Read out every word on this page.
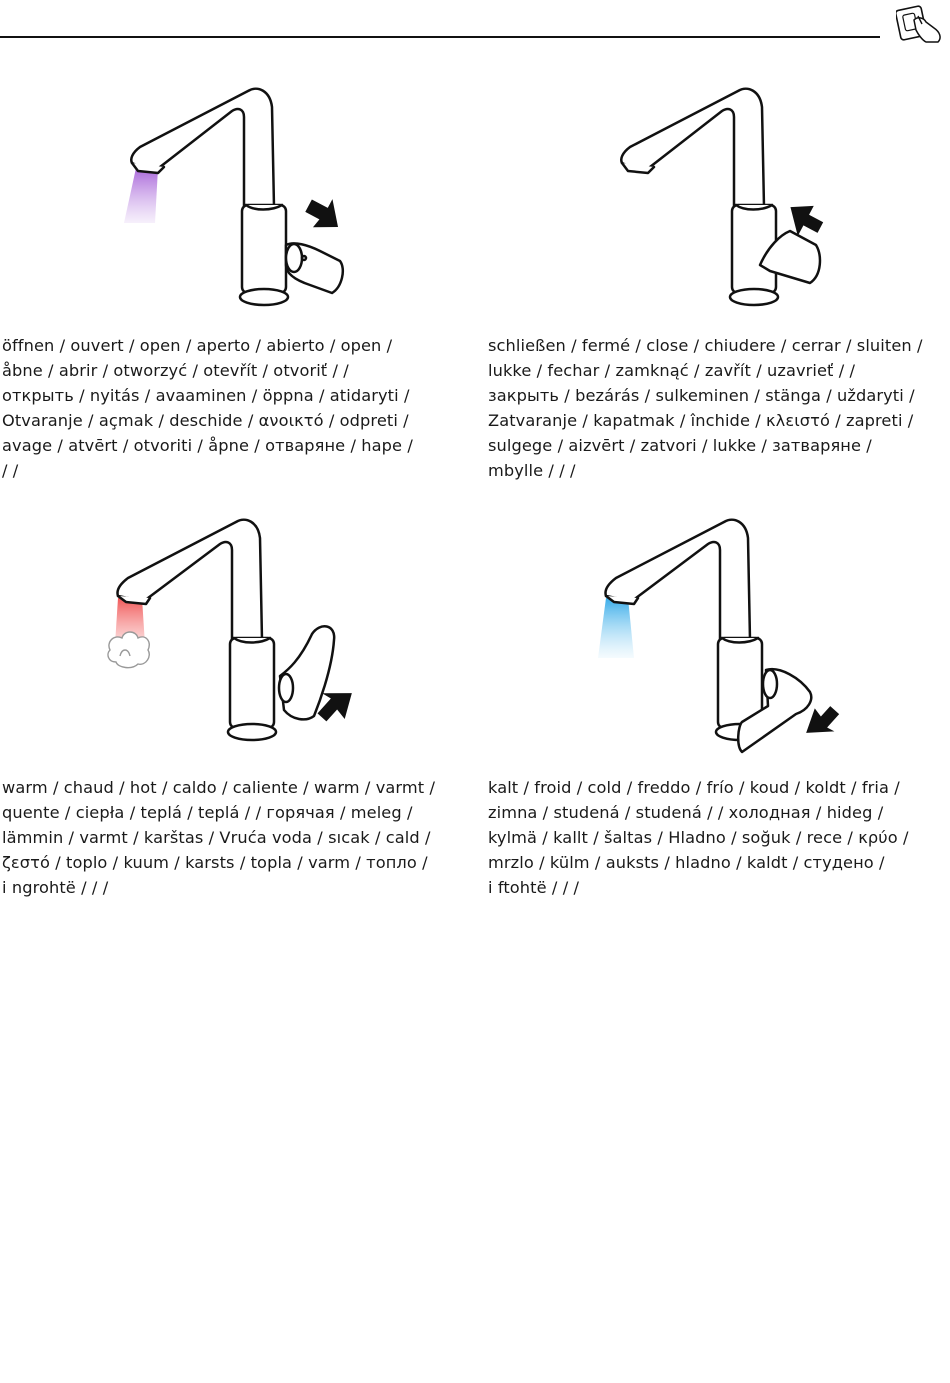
öffnen / ouvert / open / aperto / abierto / open /
åbne / abrir / otworzyć / otevřít / otvoriť / /
открыть / nyitás / avaaminen / öppna / atidaryti /
Otvaranje / açmak / deschide / ανοικτό / odpreti /
avage / atvērt / otvoriti / åpne / отваряне / hape /
/ /
schließen / fermé / close / chiudere / cerrar / sluiten /
lukke / fechar / zamknąć / zavřít / uzavrieť / /
закрыть / bezárás / sulkeminen / stänga / uždaryti /
Zatvaranje / kapatmak / închide / κλειστό / zapreti /
sulgege / aizvērt / zatvori / lukke / затваряне /
mbylle / / /
warm / chaud / hot / caldo / caliente / warm / varmt /
quente / ciepła / teplá / teplá / / горячая / meleg /
lämmin / varmt / karštas / Vruća voda / sıcak / cald /
ζεστό / toplo / kuum / karsts / topla / varm / топло /
i ngrohtë / / /
kalt / froid / cold / freddo / frío / koud / koldt / fria /
zimna / studená / studená / / холодная / hideg /
kylmä / kallt / šaltas / Hladno / soğuk / rece / κρύο /
mrzlo / külm / auksts / hladno / kaldt / студено /
i ftohtë / / /
